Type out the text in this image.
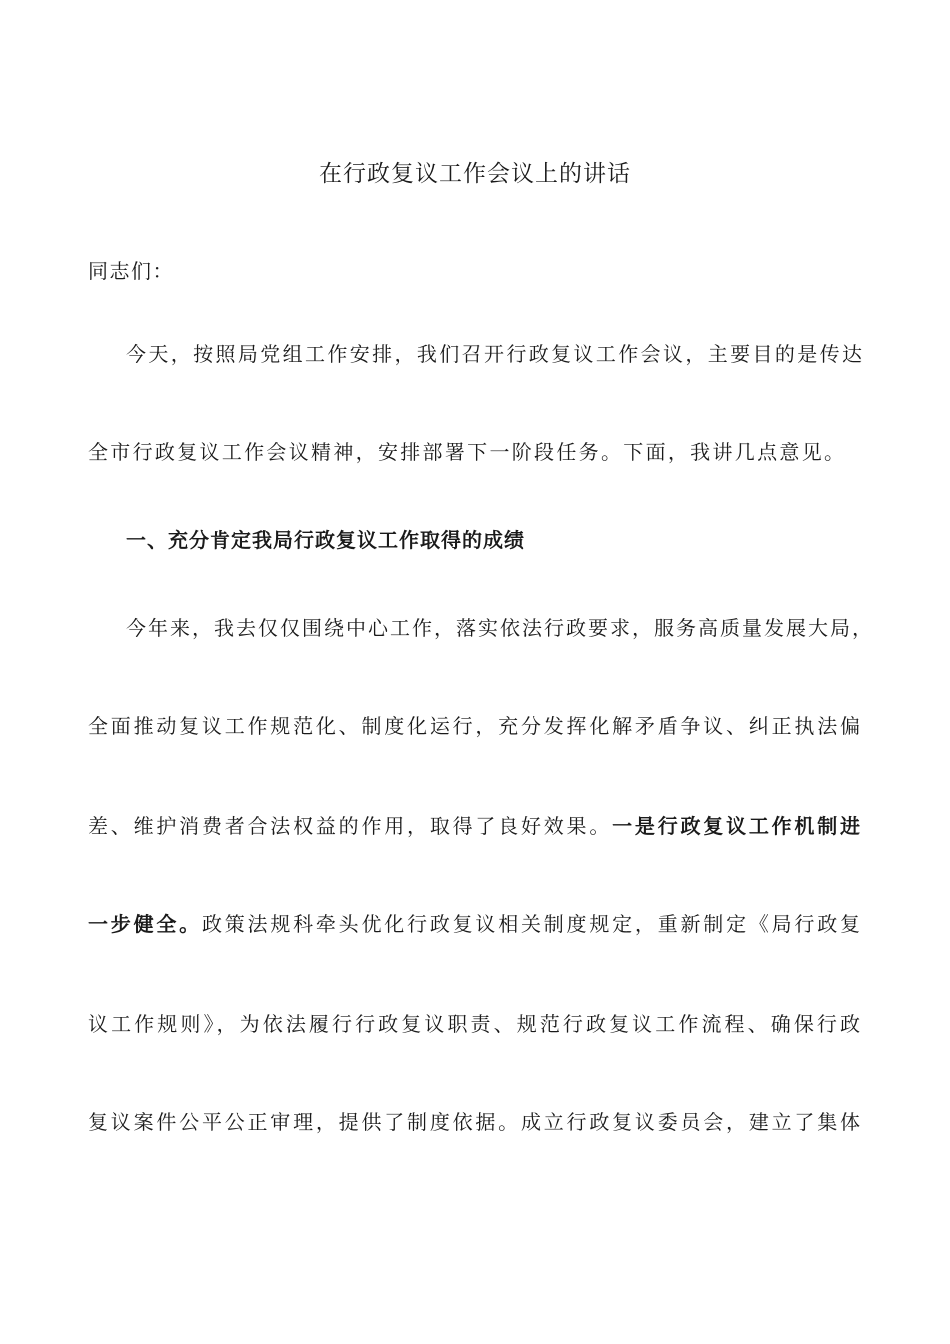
在行政复议工作会议上的讲话
同志们：
今天，按照局党组工作安排，我们召开行政复议工作会议，主要目的是传达
全市行政复议工作会议精神，安排部署下一阶段任务。下面，我讲几点意见。
一、充分肯定我局行政复议工作取得的成绩
今年来，我去仅仅围绕中心工作，落实依法行政要求，服务高质量发展大局，
全面推动复议工作规范化、制度化运行，充分发挥化解矛盾争议、纠正执法偏
差、维护消费者合法权益的作用，取得了良好效果。一是行政复议工作机制进
一步健全。政策法规科牵头优化行政复议相关制度规定，重新制定《局行政复
议工作规则》，为依法履行行政复议职责、规范行政复议工作流程、确保行政
复议案件公平公正审理，提供了制度依据。成立行政复议委员会，建立了集体
